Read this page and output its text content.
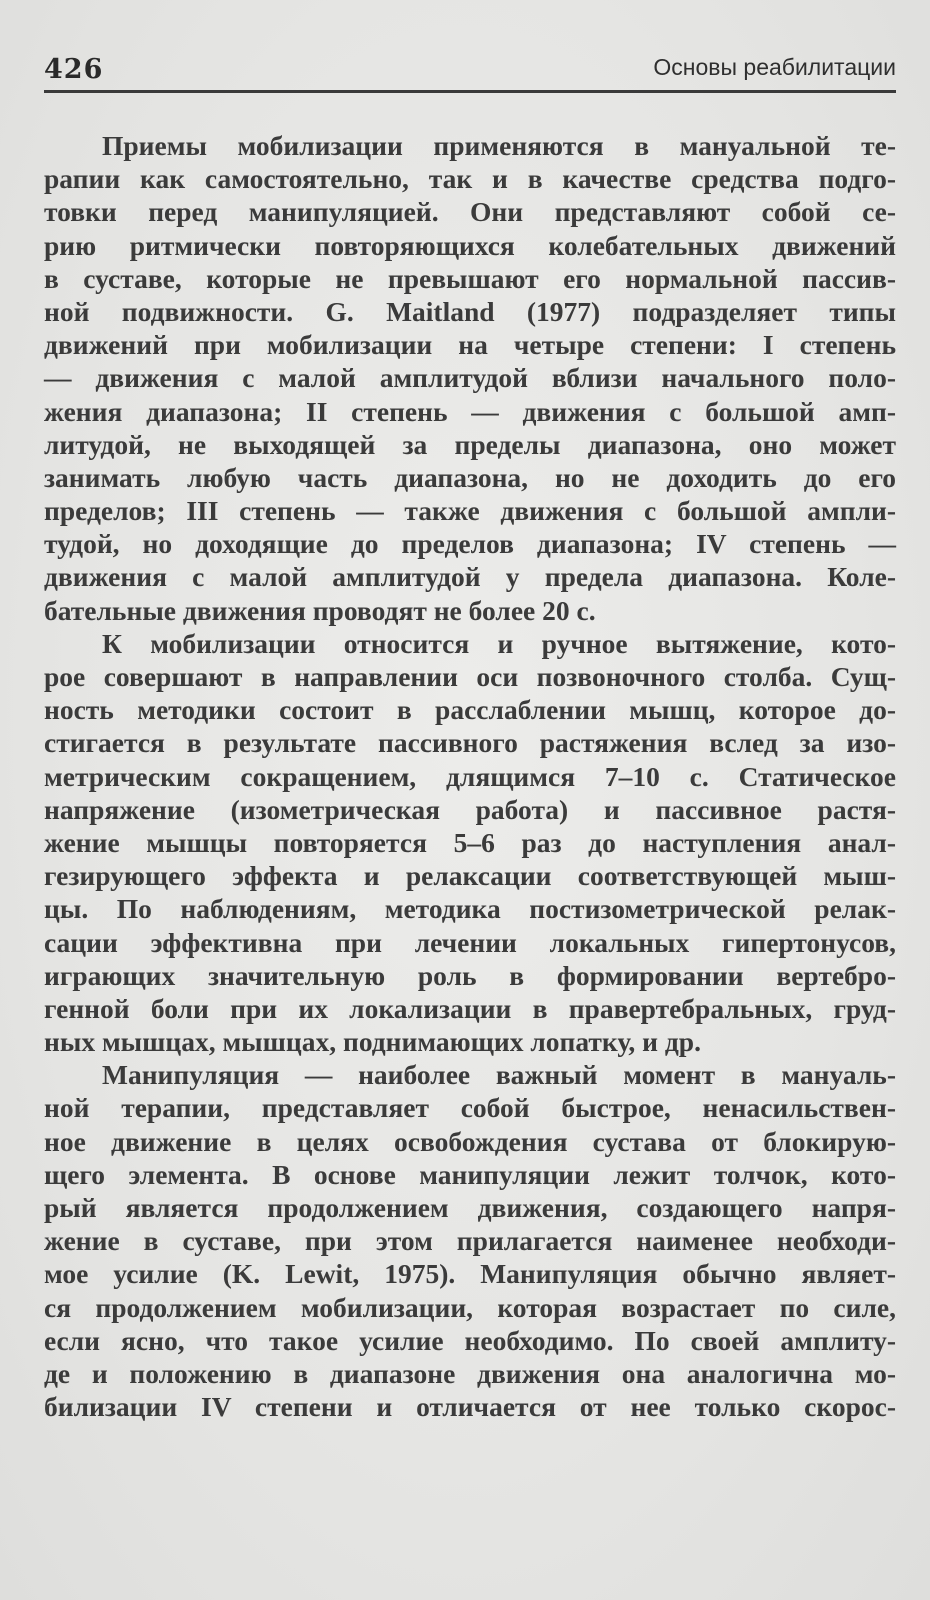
426	Основы реабилитации
Приемы мобилизации применяются в мануальной те-
рапии как самостоятельно, так и в качестве средства подго-
товки перед манипуляцией. Они представляют собой се-
рию ритмически повторяющихся колебательных движений
в суставе, которые не превышают его нормальной пассив-
ной подвижности. G. Maitland (1977) подразделяет типы
движений при мобилизации на четыре степени: I степень
— движения с малой амплитудой вблизи начального поло-
жения диапазона; II степень — движения с большой амп-
литудой, не выходящей за пределы диапазона, оно может
занимать любую часть диапазона, но не доходить до его
пределов; III степень — также движения с большой ампли-
тудой, но доходящие до пределов диапазона; IV степень —
движения с малой амплитудой у предела диапазона. Коле-
бательные движения проводят не более 20 с.
К мобилизации относится и ручное вытяжение, кото-
рое совершают в направлении оси позвоночного столба. Сущ-
ность методики состоит в расслаблении мышц, которое до-
стигается в результате пассивного растяжения вслед за изо-
метрическим сокращением, длящимся 7–10 с. Статическое
напряжение (изометрическая работа) и пассивное растя-
жение мышцы повторяется 5–6 раз до наступления анал-
гезирующего эффекта и релаксации соответствующей мыш-
цы. По наблюдениям, методика постизометрической релак-
сации эффективна при лечении локальных гипертонусов,
играющих значительную роль в формировании вертебро-
генной боли при их локализации в правертебральных, груд-
ных мышцах, мышцах, поднимающих лопатку, и др.
Манипуляция — наиболее важный момент в мануаль-
ной терапии, представляет собой быстрое, ненасильствен-
ное движение в целях освобождения сустава от блокирую-
щего элемента. В основе манипуляции лежит толчок, кото-
рый является продолжением движения, создающего напря-
жение в суставе, при этом прилагается наименее необходи-
мое усилие (K. Lewit, 1975). Манипуляция обычно являет-
ся продолжением мобилизации, которая возрастает по силе,
если ясно, что такое усилие необходимо. По своей амплиту-
де и положению в диапазоне движения она аналогична мо-
билизации IV степени и отличается от нее только скорос-
